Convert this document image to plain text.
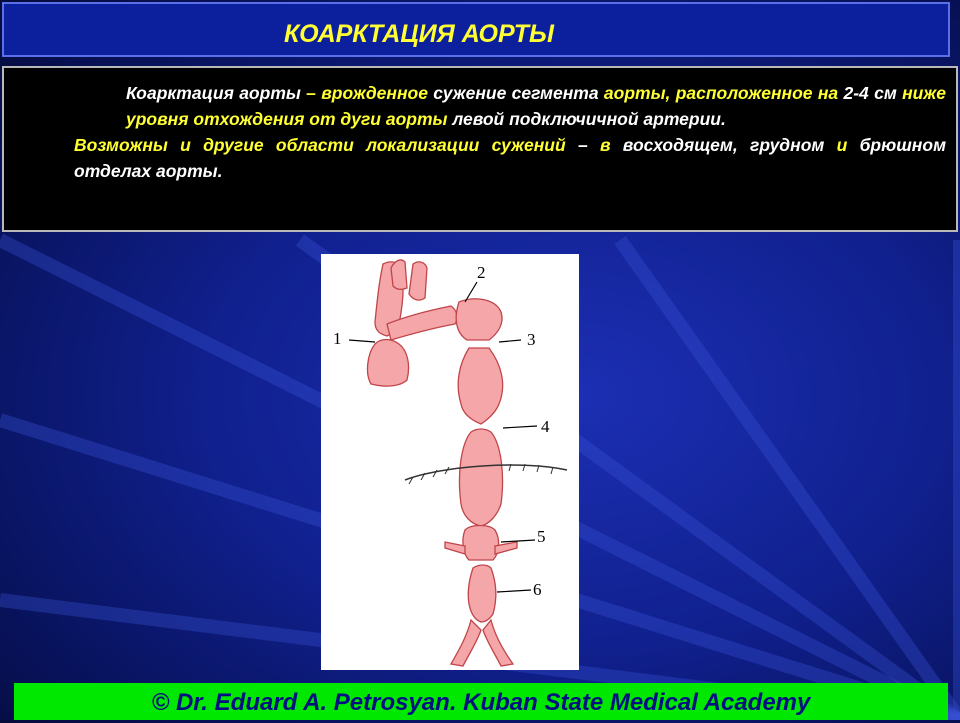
КОАРКТАЦИЯ АОРТЫ

Коарктация аорты – врожденное сужение сегмента аорты, расположенное на 2-4 см ниже уровня отхождения от дуги аорты левой подключичной артерии.

Возможны и другие области локализации сужений – в восходящем, грудном и брюшном отделах аорты.

1
2
3
4
5
6
© Dr. Eduard A. Petrosyan. Kuban State Medical Academy
